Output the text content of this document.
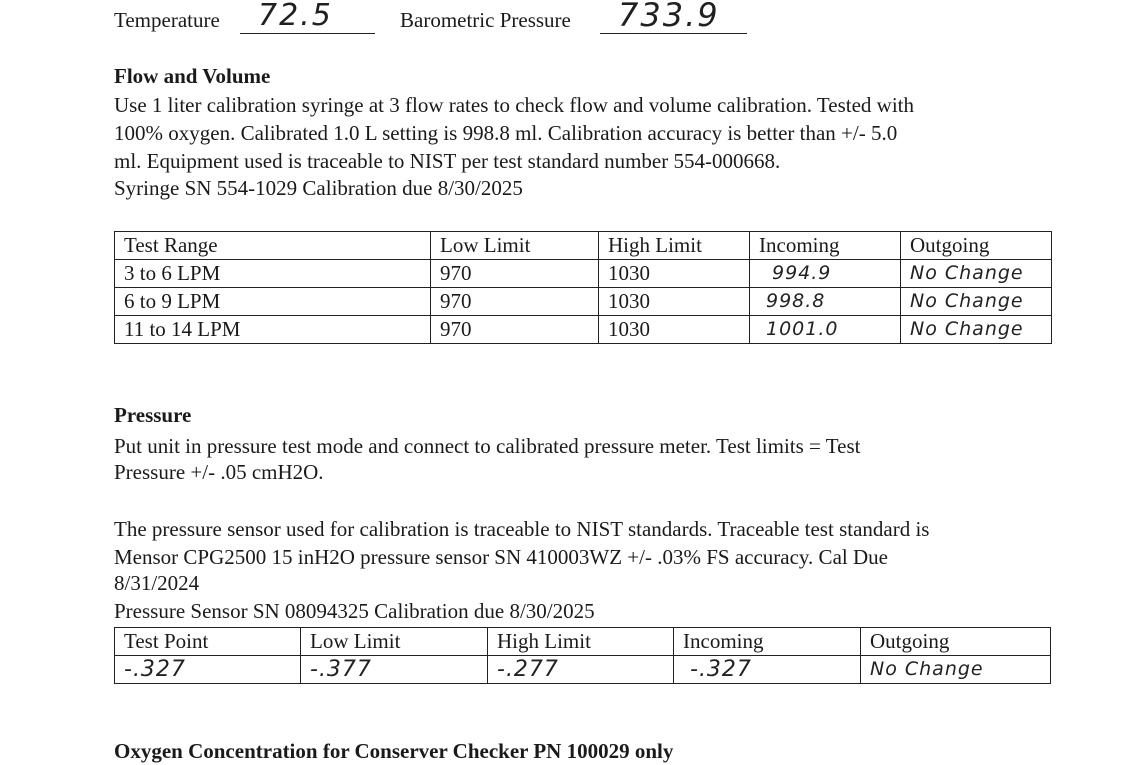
Temperature 72.5	Barometric Pressure 733.9
Flow and Volume
Use 1 liter calibration syringe at 3 flow rates to check flow and volume calibration. Tested with
100% oxygen. Calibrated 1.0 L setting is 998.8 ml. Calibration accuracy is better than +/- 5.0
ml. Equipment used is traceable to NIST per test standard number 554-000668.
Syringe SN 554-1029 Calibration due 8/30/2025
Test Range	Low Limit	High Limit	Incoming	Outgoing
3 to 6 LPM	970	1030	994.9	No Change
6 to 9 LPM	970	1030	998.8	No Change
11 to 14 LPM	970	1030	1001.0	No Change
Pressure
Put unit in pressure test mode and connect to calibrated pressure meter. Test limits = Test
Pressure +/- .05 cmH2O.
The pressure sensor used for calibration is traceable to NIST standards. Traceable test standard is
Mensor CPG2500 15 inH2O pressure sensor SN 410003WZ +/- .03% FS accuracy. Cal Due
8/31/2024
Pressure Sensor SN 08094325 Calibration due 8/30/2025
Test Point	Low Limit	High Limit	Incoming	Outgoing
-.327	-.377	-.277	-.327	No Change
Oxygen Concentration for Conserver Checker PN 100029 only
